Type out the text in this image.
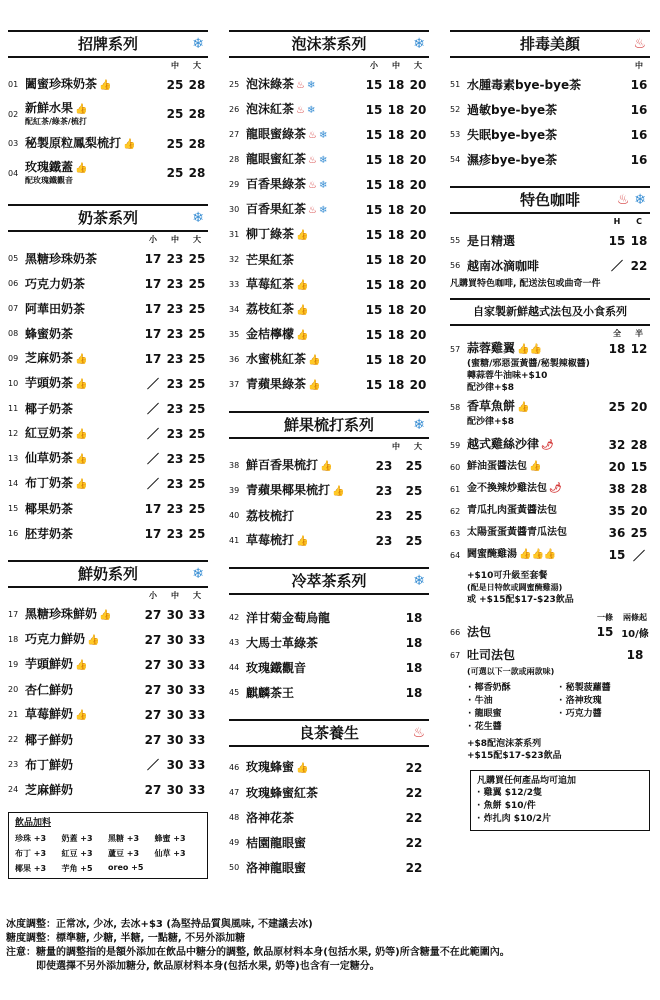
招牌系列	❄
中	大
01 闔蜜珍珠奶茶 👍	25 28
02 新鮮水果 👍
配紅茶/綠茶/梳打
25 28
03 秘製原粒鳳梨梳打 👍	25 28
04 玫瑰鐵蓋 👍
配玫瑰鐵觀音
25 28
奶茶系列	❄
小	中	大
05 黑糖珍珠奶茶	17 23 25
06 巧克力奶茶	17 23 25
07 阿華田奶茶	17 23 25
08 蜂蜜奶茶	17 23 25
09 芝麻奶茶 👍	17 23 25
10 芋頭奶茶 👍	／ 23 25
11 椰子奶茶	／ 23 25
12 紅豆奶茶 👍	／ 23 25
13 仙草奶茶 👍	／ 23 25
14 布丁奶茶 👍	／ 23 25
15 椰果奶茶	17 23 25
16 胚芽奶茶	17 23 25
鮮奶系列	❄
小	中	大
17 黑糖珍珠鮮奶 👍	27 30 33
18 巧克力鮮奶 👍	27 30 33
19 芋頭鮮奶 👍	27 30 33
20 杏仁鮮奶	27 30 33
21 草莓鮮奶 👍	27 30 33
22 椰子鮮奶	27 30 33
23 布丁鮮奶	／ 30 33
24 芝麻鮮奶	27 30 33
飲品加料
珍珠 +3	奶蓋 +3	黑糖 +3	蜂蜜 +3
布丁 +3	紅豆 +3	蘆豆 +3	仙草 +3
椰果 +3	芋角 +5	oreo +5
泡沫茶系列	❄
小	中	大
25 泡沫綠茶 ♨ ❄	15 18 20
26 泡沫紅茶 ♨ ❄	15 18 20
27 龍眼蜜綠茶 ♨ ❄	15 18 20
28 龍眼蜜紅茶 ♨ ❄	15 18 20
29 百香果綠茶 ♨ ❄	15 18 20
30 百香果紅茶 ♨ ❄	15 18 20
31 柳丁綠茶 👍	15 18 20
32 芒果紅茶	15 18 20
33 草莓紅茶 👍	15 18 20
34 荔枝紅茶 👍	15 18 20
35 金桔檸檬 👍	15 18 20
36 水蜜桃紅茶 👍	15 18 20
37 青蘋果綠茶 👍	15 18 20
鮮果梳打系列	❄
中	大
38 鮮百香果梳打 👍	23	25
39 青蘋果椰果梳打 👍	23	25
40 荔枝梳打	23	25
41 草莓梳打 👍	23	25
冷萃茶系列	❄
42 洋甘菊金萄烏龍	18
43 大馬士革綠茶	18
44 玫瑰鐵觀音	18
45 麒麟茶王	18
良茶養生	♨
46 玫瑰蜂蜜 👍	22
47 玫瑰蜂蜜紅茶	22
48 洛神花茶	22
49 桔園龍眼蜜	22
50 洛神龍眼蜜	22
排毒美顏	♨
中
51 水腫毒素bye-bye茶	16
52 過敏bye-bye茶	16
53 失眠bye-bye茶	16
54 濕疹bye-bye茶	16
特色咖啡	♨ ❄
H	C
55 是日精選	15 18
56 越南冰滴咖啡	／ 22
凡購買特色咖啡, 配送法包或曲奇一件
自家製新鮮越式法包及小食系列
全	半
57 蒜蓉雞翼 👍👍	18 12
(蜜糖/邪惡蛋黃醬/秘製辣椒醬)
轉蒜蓉牛油味+$10
配沙律+$8
58 香草魚餅 👍	25 20
配沙律+$8
59 越式雞絲沙律 🌶	32 28
60 鮮油蛋醬法包 👍	20 15
61 金不換辣炒雞法包 🌶	38 28
62 青瓜扎肉蛋黃醬法包	35 20
63 太陽蛋蛋黃醬青瓜法包	36 25
64 閪蜜醃雞湯 👍👍👍	15 ／
+$10可升級至套餐
(配是日特飲或閪蜜醃雞湯)
或 +$15配$17-$23飲品
一條	兩條起
66 法包	15 10/條
67 吐司法包	18
(可選以下一款或兩款味)
· 椰香奶酥	· 秘製菠蘿醬
· 牛油	· 洛神玫瑰
· 龍眼蜜	· 巧克力醬
· 花生醬
+$8配泡沫茶系列
+$15配$17-$23飲品
凡購買任何產品均可追加
· 雞翼 $12/2隻
· 魚餅 $10/件
· 炸扎肉 $10/2片
冰度調整：正常冰, 少冰, 去冰+$3 (為堅持品質與風味, 不建議去冰)
糖度調整：標準糖, 少糖, 半糖, 一點糖, 不另外添加糖
注意：糖量的調整指的是額外添加在飲品中糖分的調整, 飲品原材料本身(包括水果, 奶等)所含糖量不在此範圍內。
即使選擇不另外添加糖分, 飲品原材料本身(包括水果, 奶等)也含有一定糖分。
